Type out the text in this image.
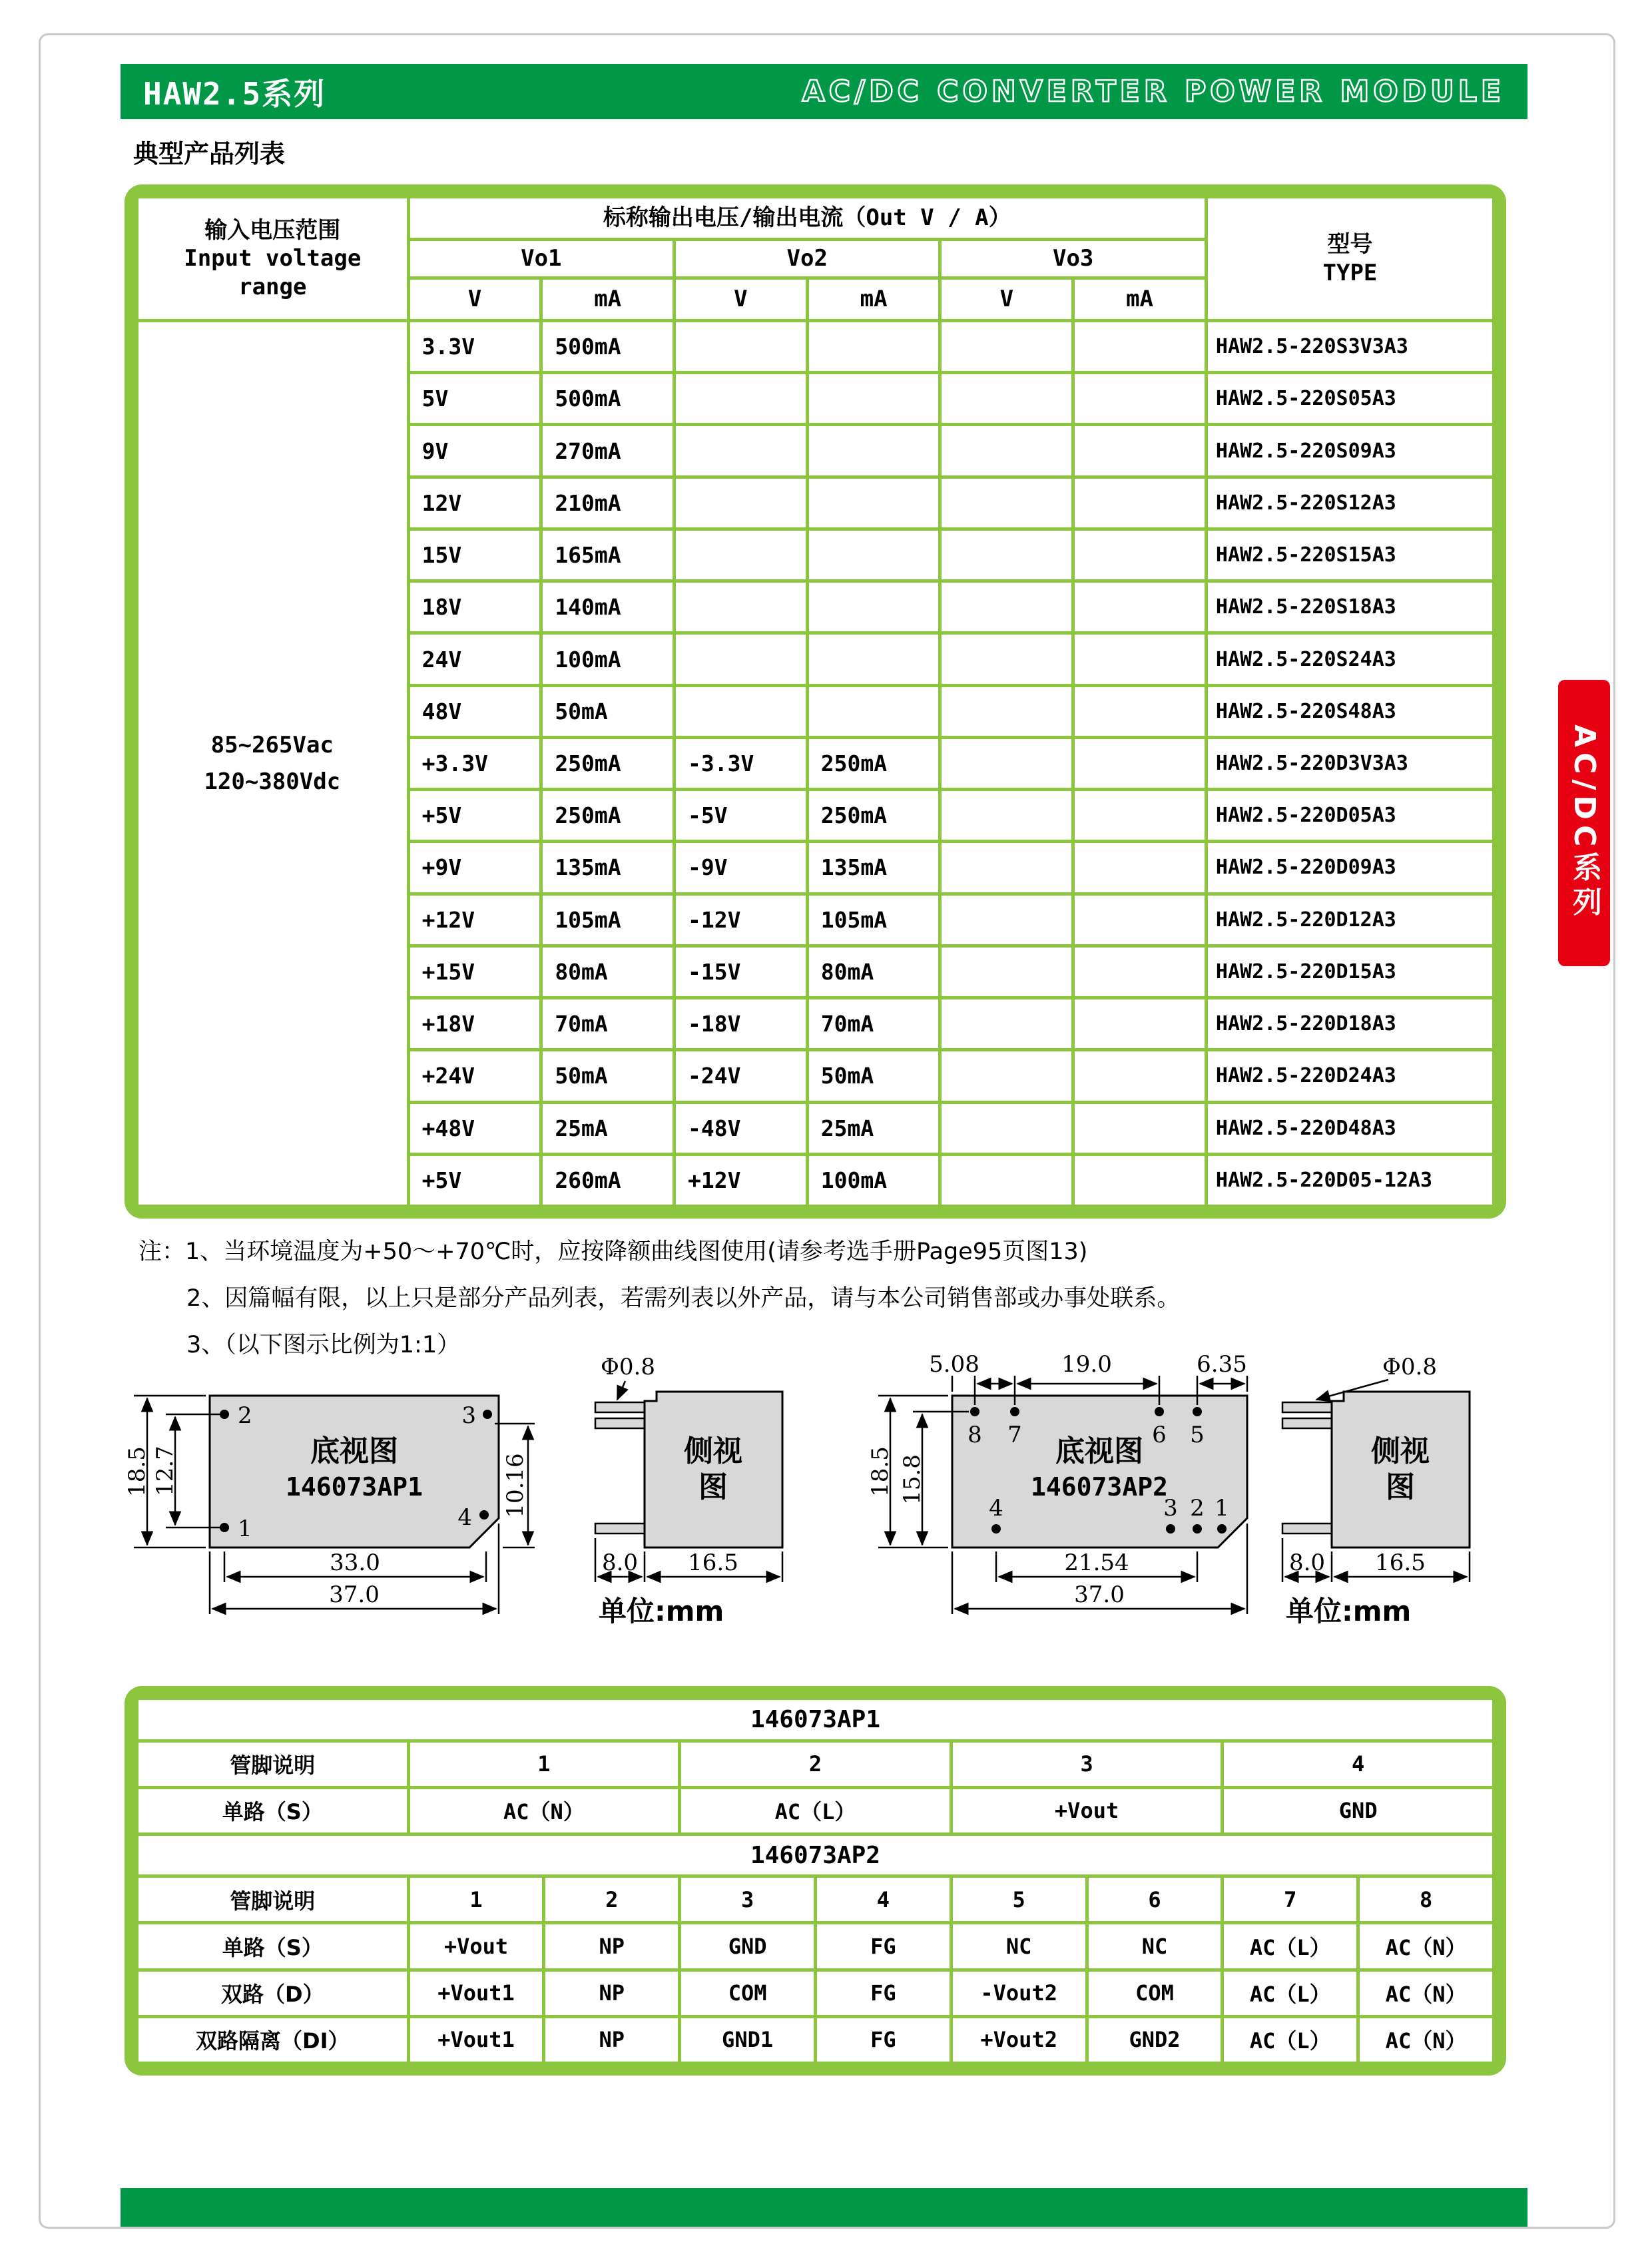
HAW2.5系列	AC/DC CONVERTER POWER MODULE
典型产品列表
输入电压范围
Input voltage
range
	标称输出电压/输出电流（Out V / A）	
型号
TYPE

	Vo1		Vo2		Vo3		
	V	mA	V	mA	V	mA	

85~265Vac
120~380Vdc	3.3V	500mA					HAW2.5-220S3V3A3
	5V	500mA					HAW2.5-220S05A3
	9V	270mA					HAW2.5-220S09A3
	12V	210mA					HAW2.5-220S12A3
	15V	165mA					HAW2.5-220S15A3
	18V	140mA					HAW2.5-220S18A3
	24V	100mA					HAW2.5-220S24A3
	48V	50mA					HAW2.5-220S48A3
	+3.3V	250mA	-3.3V	250mA			HAW2.5-220D3V3A3
	+5V	250mA	-5V	250mA			HAW2.5-220D05A3
	+9V	135mA	-9V	135mA			HAW2.5-220D09A3
	+12V	105mA	-12V	105mA			HAW2.5-220D12A3
	+15V	80mA	-15V	80mA			HAW2.5-220D15A3
	+18V	70mA	-18V	70mA			HAW2.5-220D18A3
	+24V	50mA	-24V	50mA			HAW2.5-220D24A3
	+48V	25mA	-48V	25mA			HAW2.5-220D48A3
	+5V	260mA	+12V	100mA			HAW2.5-220D05-12A3
AC/DC系列
注：1、当环境温度为+50～+70℃时，应按降额曲线图使用(请参考选手册Page95页图13)
2、因篇幅有限，以上只是部分产品列表，若需列表以外产品，请与本公司销售部或办事处联系。
3、（以下图示比例为1:1）
2
1
3
4
底视图
146073AP1
18.5 12.7
33.0
37.0
10.16
侧视
图
Φ0.8
8.0 16.5
单位:mm
8 7	6 5
4	3 2 1
底视图
146073AP2
5.08	19.0	6.35
18.5 15.8
21.54
37.0
侧视
图
Φ0.8
8.0 16.5
单位:mm
146073AP1								
管脚说明	1		2		3		4	
单路（S）	AC（N）		AC（L）		+Vout		GND	
146073AP2								
管脚说明	1	2	3	4	5	6	7	8
单路（S）	+Vout	NP	GND	FG	NC	NC	AC（L）	AC（N）
双路（D）	+Vout1	NP	COM	FG	-Vout2	COM	AC（L）	AC（N）
双路隔离（DI）	+Vout1	NP	GND1	FG	+Vout2	GND2	AC（L）	AC（N）
